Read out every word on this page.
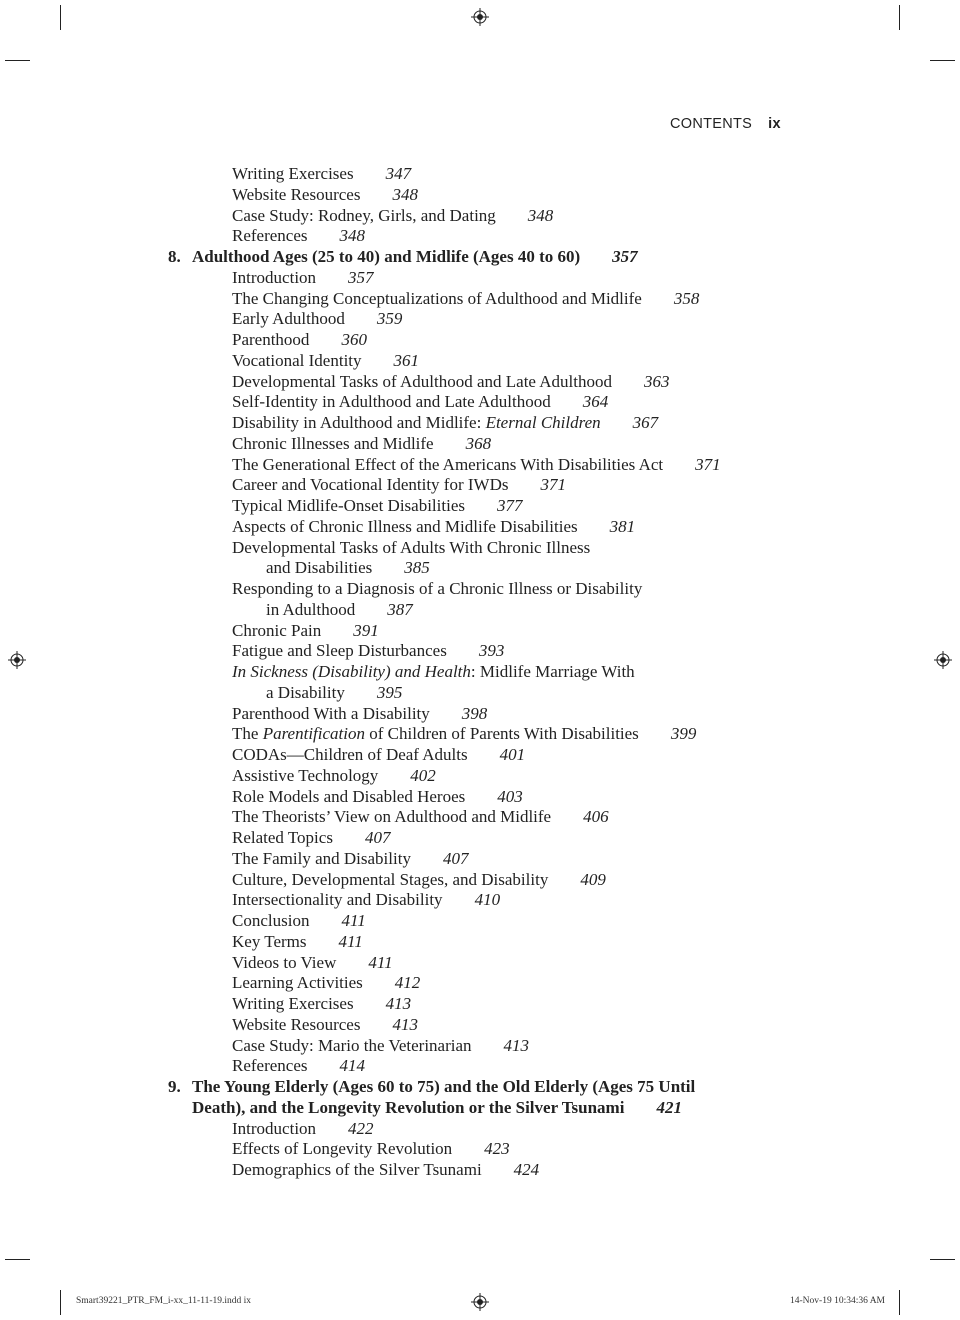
CONTENTS ix
Writing Exercises 347
Website Resources 348
Case Study: Rodney, Girls, and Dating 348
References 348
8. Adulthood Ages (25 to 40) and Midlife (Ages 40 to 60) 357
Introduction 357
The Changing Conceptualizations of Adulthood and Midlife 358
Early Adulthood 359
Parenthood 360
Vocational Identity 361
Developmental Tasks of Adulthood and Late Adulthood 363
Self-Identity in Adulthood and Late Adulthood 364
Disability in Adulthood and Midlife: Eternal Children 367
Chronic Illnesses and Midlife 368
The Generational Effect of the Americans With Disabilities Act 371
Career and Vocational Identity for IWDs 371
Typical Midlife-Onset Disabilities 377
Aspects of Chronic Illness and Midlife Disabilities 381
Developmental Tasks of Adults With Chronic Illness
and Disabilities 385
Responding to a Diagnosis of a Chronic Illness or Disability
in Adulthood 387
Chronic Pain 391
Fatigue and Sleep Disturbances 393
In Sickness (Disability) and Health: Midlife Marriage With
a Disability 395
Parenthood With a Disability 398
The Parentification of Children of Parents With Disabilities 399
CODAs—Children of Deaf Adults 401
Assistive Technology 402
Role Models and Disabled Heroes 403
The Theorists’ View on Adulthood and Midlife 406
Related Topics 407
The Family and Disability 407
Culture, Developmental Stages, and Disability 409
Intersectionality and Disability 410
Conclusion 411
Key Terms 411
Videos to View 411
Learning Activities 412
Writing Exercises 413
Website Resources 413
Case Study: Mario the Veterinarian 413
References 414
9. The Young Elderly (Ages 60 to 75) and the Old Elderly (Ages 75 Until
Death), and the Longevity Revolution or the Silver Tsunami 421
Introduction 422
Effects of Longevity Revolution 423
Demographics of the Silver Tsunami 424
Smart39221_PTR_FM_i-xx_11-11-19.indd ix	14-Nov-19 10:34:36 AM
